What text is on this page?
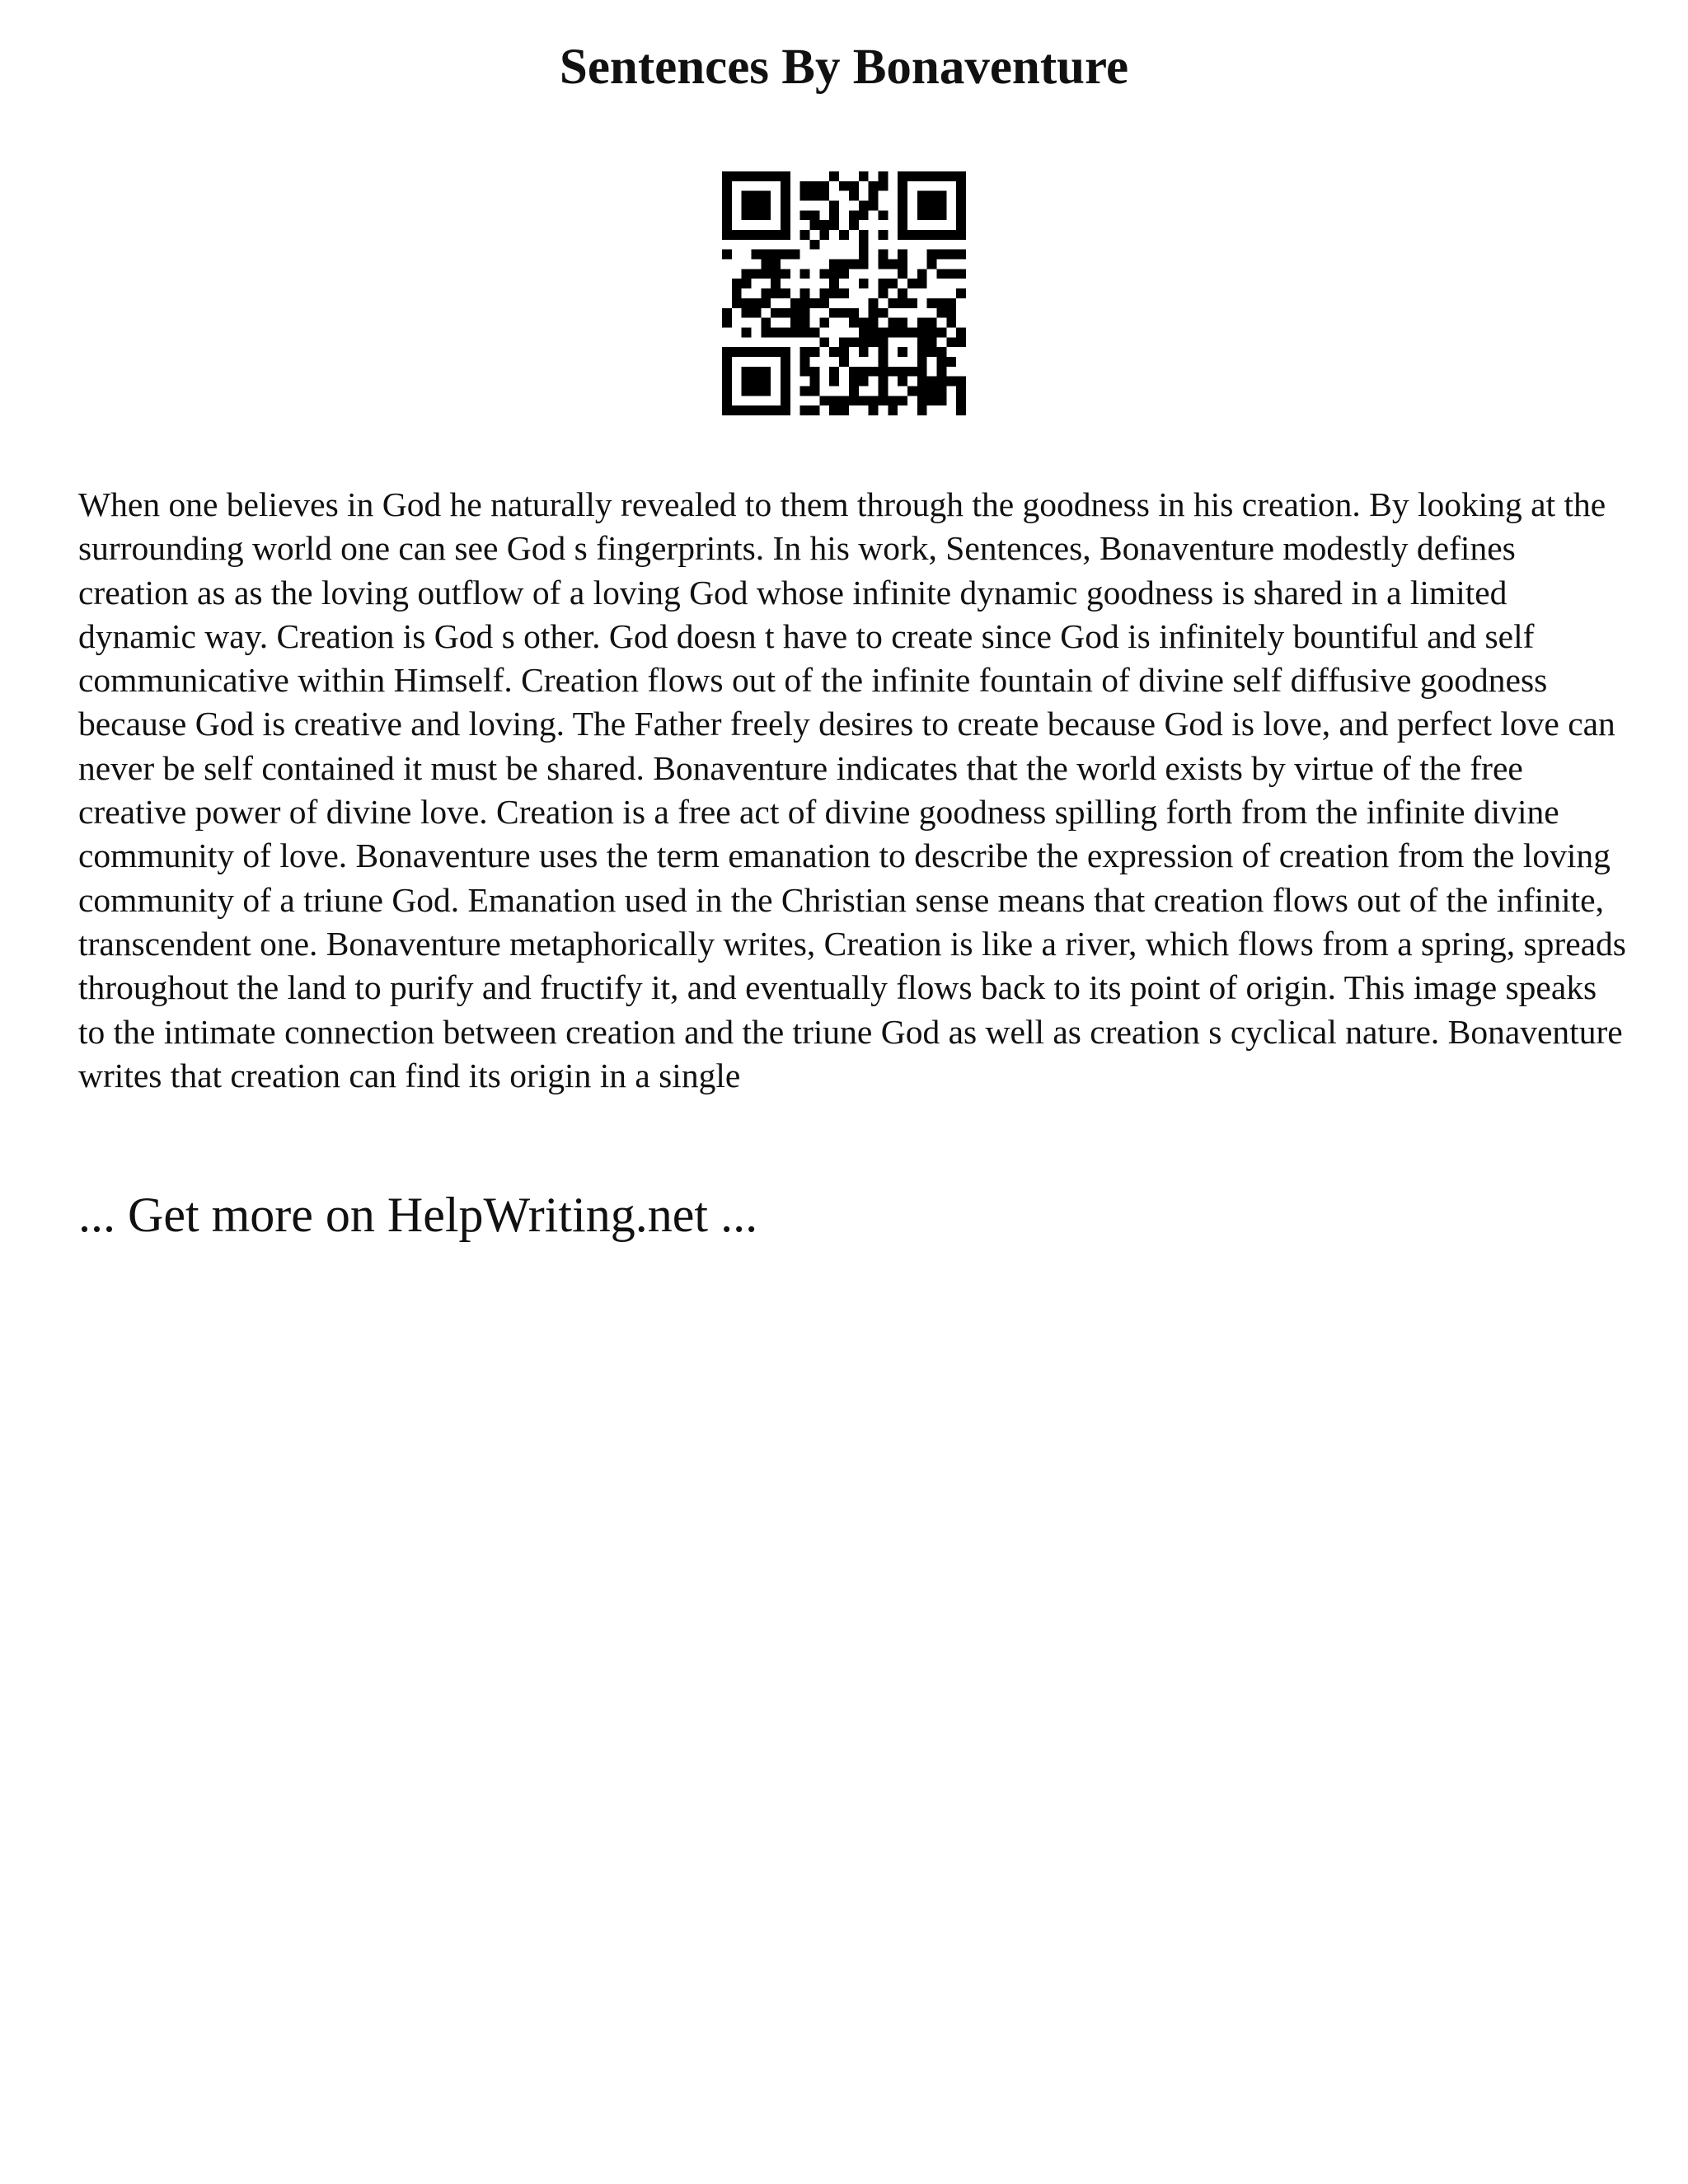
Sentences By Bonaventure

When one believes in God he naturally revealed to them through the goodness in his creation. By looking at the surrounding world one can see God s fingerprints. In his work, Sentences, Bonaventure modestly defines creation as as the loving outflow of a loving God whose infinite dynamic goodness is shared in a limited dynamic way. Creation is God s other. God doesn t have to create since God is infinitely bountiful and self communicative within Himself. Creation flows out of the infinite fountain of divine self diffusive goodness because God is creative and loving. The Father freely desires to create because God is love, and perfect love can never be self contained it must be shared. Bonaventure indicates that the world exists by virtue of the free creative power of divine love. Creation is a free act of divine goodness spilling forth from the infinite divine community of love. Bonaventure uses the term emanation to describe the expression of creation from the loving community of a triune God. Emanation used in the Christian sense means that creation flows out of the infinite, transcendent one. Bonaventure metaphorically writes, Creation is like a river, which flows from a spring, spreads throughout the land to purify and fructify it, and eventually flows back to its point of origin. This image speaks to the intimate connection between creation and the triune God as well as creation s cyclical nature. Bonaventure writes that creation can find its origin in a single

... Get more on HelpWriting.net ...
